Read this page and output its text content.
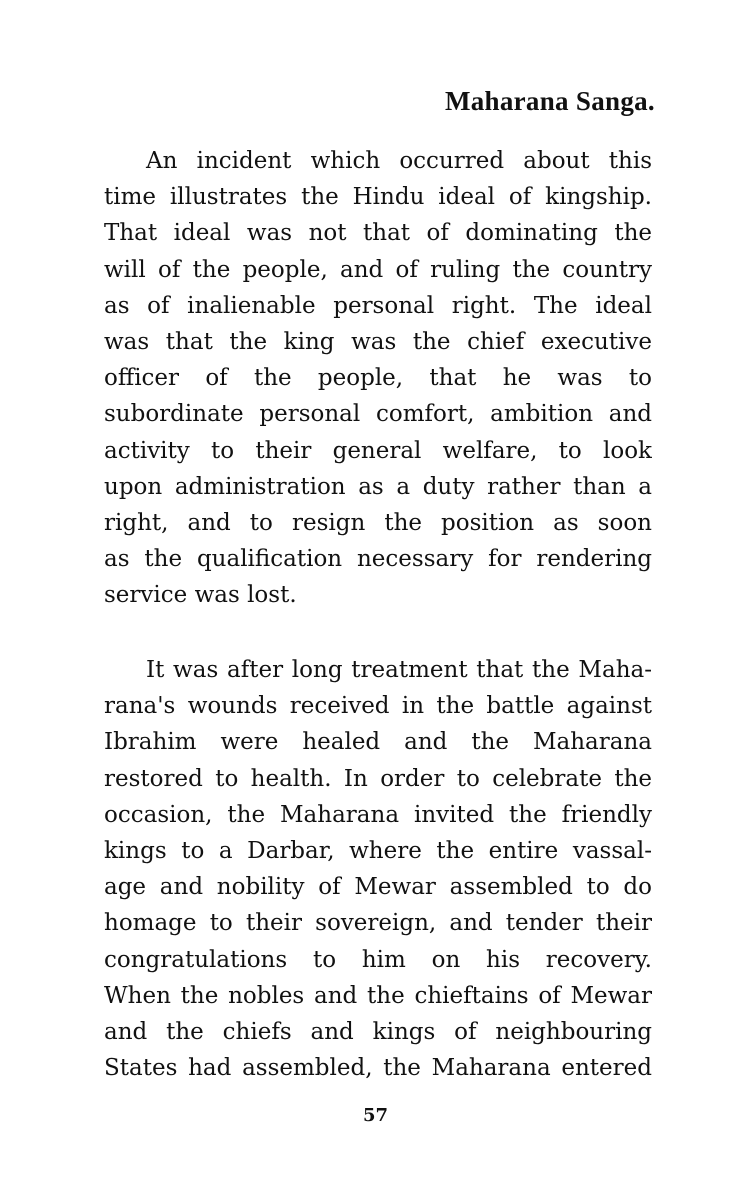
Maharana Sanga.
An incident which occurred about this
time illustrates the Hindu ideal of kingship.
That ideal was not that of dominating the
will of the people, and of ruling the country
as of inalienable personal right. The ideal
was that the king was the chief executive
officer of the people, that he was to
subordinate personal comfort, ambition and
activity to their general welfare, to look
upon administration as a duty rather than a
right, and to resign the position as soon
as the qualification necessary for rendering
service was lost.
It was after long treatment that the Maha-
rana's wounds received in the battle against
Ibrahim were healed and the Maharana
restored to health. In order to celebrate the
occasion, the Maharana invited the friendly
kings to a Darbar, where the entire vassal-
age and nobility of Mewar assembled to do
homage to their sovereign, and tender their
congratulations to him on his recovery.
When the nobles and the chieftains of Mewar
and the chiefs and kings of neighbouring
States had assembled, the Maharana entered
57
